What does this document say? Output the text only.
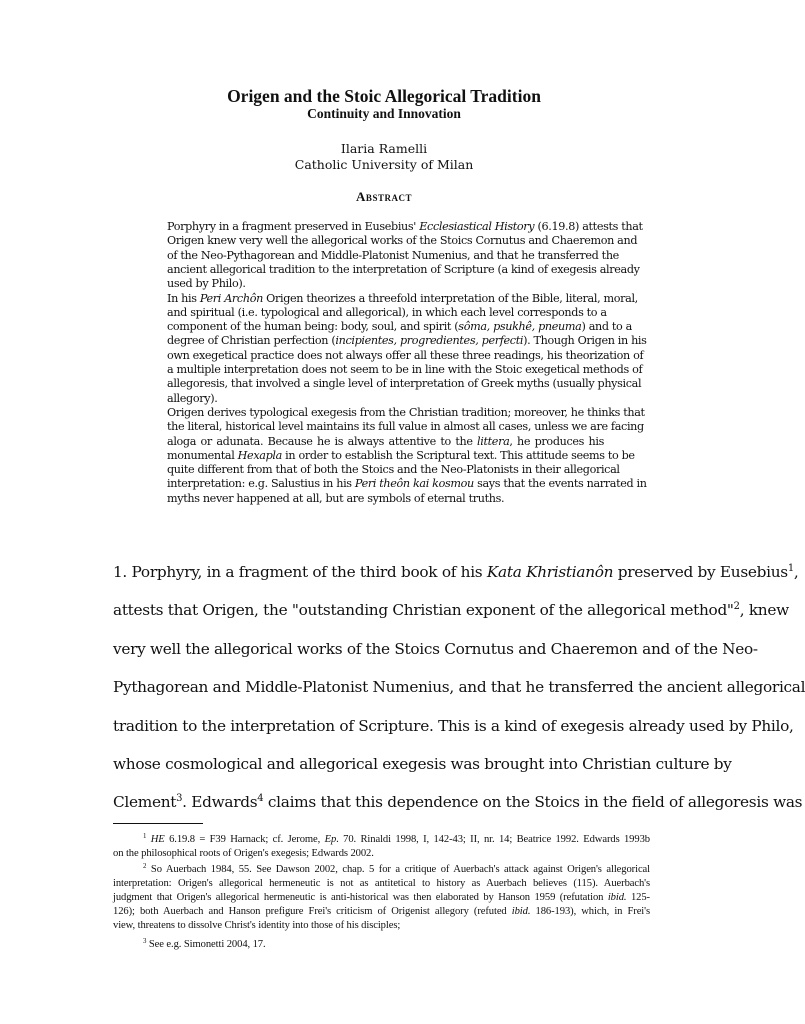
Origen and the Stoic Allegorical Tradition
Continuity and Innovation
Ilaria Ramelli
Catholic University of Milan
Abstract
Porphyry in a fragment preserved in Eusebius' Ecclesiastical History (6.19.8) attests that
Origen knew very well the allegorical works of the Stoics Cornutus and Chaeremon and
of the Neo-Pythagorean and Middle-Platonist Numenius, and that he transferred the
ancient allegorical tradition to the interpretation of Scripture (a kind of exegesis already
used by Philo).
In his Peri Archôn Origen theorizes a threefold interpretation of the Bible, literal, moral,
and spiritual (i.e. typological and allegorical), in which each level corresponds to a
component of the human being: body, soul, and spirit (sôma, psukhê, pneuma) and to a
degree of Christian perfection (incipientes, progredientes, perfecti). Though Origen in his
own exegetical practice does not always offer all these three readings, his theorization of
a multiple interpretation does not seem to be in line with the Stoic exegetical methods of
allegoresis, that involved a single level of interpretation of Greek myths (usually physical
allegory).
Origen derives typological exegesis from the Christian tradition; moreover, he thinks that
the literal, historical level maintains its full value in almost all cases, unless we are facing
aloga or adunata. Because he is always attentive to the littera, he produces his
monumental Hexapla in order to establish the Scriptural text. This attitude seems to be
quite different from that of both the Stoics and the Neo-Platonists in their allegorical
interpretation: e.g. Salustius in his Peri theôn kai kosmou says that the events narrated in
myths never happened at all, but are symbols of eternal truths.
1. Porphyry, in a fragment of the third book of his Kata Khristianôn preserved by Eusebius$^1$,
attests that Origen, the "outstanding Christian exponent of the allegorical method"$^2$, knew
very well the allegorical works of the Stoics Cornutus and Chaeremon and of the Neo-
Pythagorean and Middle-Platonist Numenius, and that he transferred the ancient allegorical
tradition to the interpretation of Scripture. This is a kind of exegesis already used by Philo,
whose cosmological and allegorical exegesis was brought into Christian culture by
Clement$^3$. Edwards$^4$ claims that this dependence on the Stoics in the field of allegoresis was
$^1$ HE 6.19.8 = F39 Harnack; cf. Jerome, Ep. 70. Rinaldi 1998, I, 142-43; II, nr. 14; Beatrice 1992. Edwards 1993b
on the philosophical roots of Origen's exegesis; Edwards 2002.
$^2$ So Auerbach 1984, 55. See Dawson 2002, chap. 5 for a critique of Auerbach's attack against Origen's allegorical
interpretation: Origen's allegorical hermeneutic is not as antitetical to history as Auerbach believes (115). Auerbach's
judgment that Origen's allegorical hermeneutic is anti-historical was then elaborated by Hanson 1959 (refutation ibid. 125-
126); both Auerbach and Hanson prefigure Frei's criticism of Origenist allegory (refuted ibid. 186-193), which, in Frei's
view, threatens to dissolve Christ's identity into those of his disciples;
$^3$ See e.g. Simonetti 2004, 17.
